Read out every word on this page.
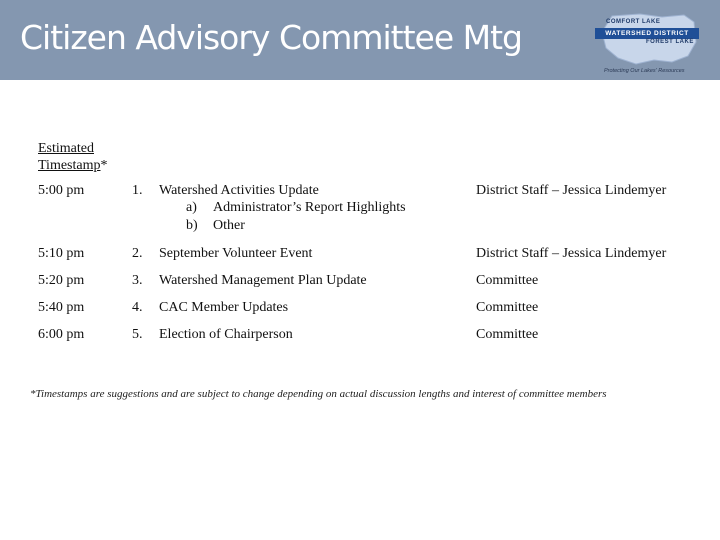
Citizen Advisory Committee Mtg	COMFORT LAKE
WATERSHED DISTRICT
FOREST LAKE
Protecting Our Lakes' Resources
Estimated
Timestamp*
5:00 pm	1. Watershed Activities Update	District Staff – Jessica Lindemyer
a) Administrator’s Report Highlights
b) Other
5:10 pm	2. September Volunteer Event	District Staff – Jessica Lindemyer
5:20 pm	3. Watershed Management Plan Update	Committee
5:40 pm	4. CAC Member Updates	Committee
6:00 pm	5. Election of Chairperson	Committee
*Timestamps are suggestions and are subject to change depending on actual discussion lengths and interest of committee members
